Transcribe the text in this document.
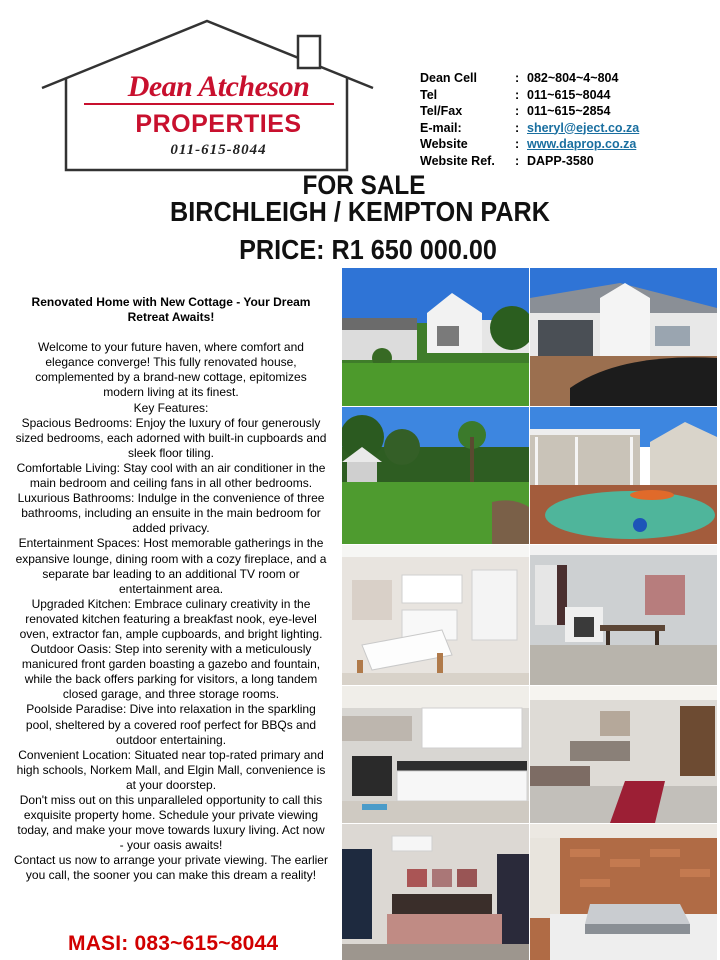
Dean Atcheson
PROPERTIES
011-615-8044
Dean Cell	: 082~804~4~804
Tel	: 011~615~8044
Tel/Fax	: 011~615~2854
E-mail:	: sheryl@eject.co.za
Website	: www.daprop.co.za
Website Ref.	: DAPP-3580
FOR SALE
BIRCHLEIGH / KEMPTON PARK
PRICE: R1 650 000.00

Renovated Home with New Cottage - Your Dream Retreat Awaits!

Welcome to your future haven, where comfort and elegance converge! This fully renovated house, complemented by a brand-new cottage, epitomizes modern living at its finest.

Key Features:

Spacious Bedrooms: Enjoy the luxury of four generously sized bedrooms, each adorned with built-in cupboards and sleek floor tiling.

Comfortable Living: Stay cool with an air conditioner in the main bedroom and ceiling fans in all other bedrooms.

Luxurious Bathrooms: Indulge in the convenience of three bathrooms, including an ensuite in the main bedroom for added privacy.

Entertainment Spaces: Host memorable gatherings in the expansive lounge, dining room with a cozy fireplace, and a separate bar leading to an additional TV room or entertainment area.

Upgraded Kitchen: Embrace culinary creativity in the renovated kitchen featuring a breakfast nook, eye-level oven, extractor fan, ample cupboards, and bright lighting.

Outdoor Oasis: Step into serenity with a meticulously manicured front garden boasting a gazebo and fountain, while the back offers parking for visitors, a long tandem closed garage, and three storage rooms.

Poolside Paradise: Dive into relaxation in the sparkling pool, sheltered by a covered roof perfect for BBQs and outdoor entertaining.

Convenient Location: Situated near top-rated primary and high schools, Norkem Mall, and Elgin Mall, convenience is at your doorstep.

Don't miss out on this unparalleled opportunity to call this exquisite property home. Schedule your private viewing today, and make your move towards luxury living. Act now - your oasis awaits!

Contact us now to arrange your private viewing. The earlier you call, the sooner you can make this dream a reality!

MASI: 083~615~8044
